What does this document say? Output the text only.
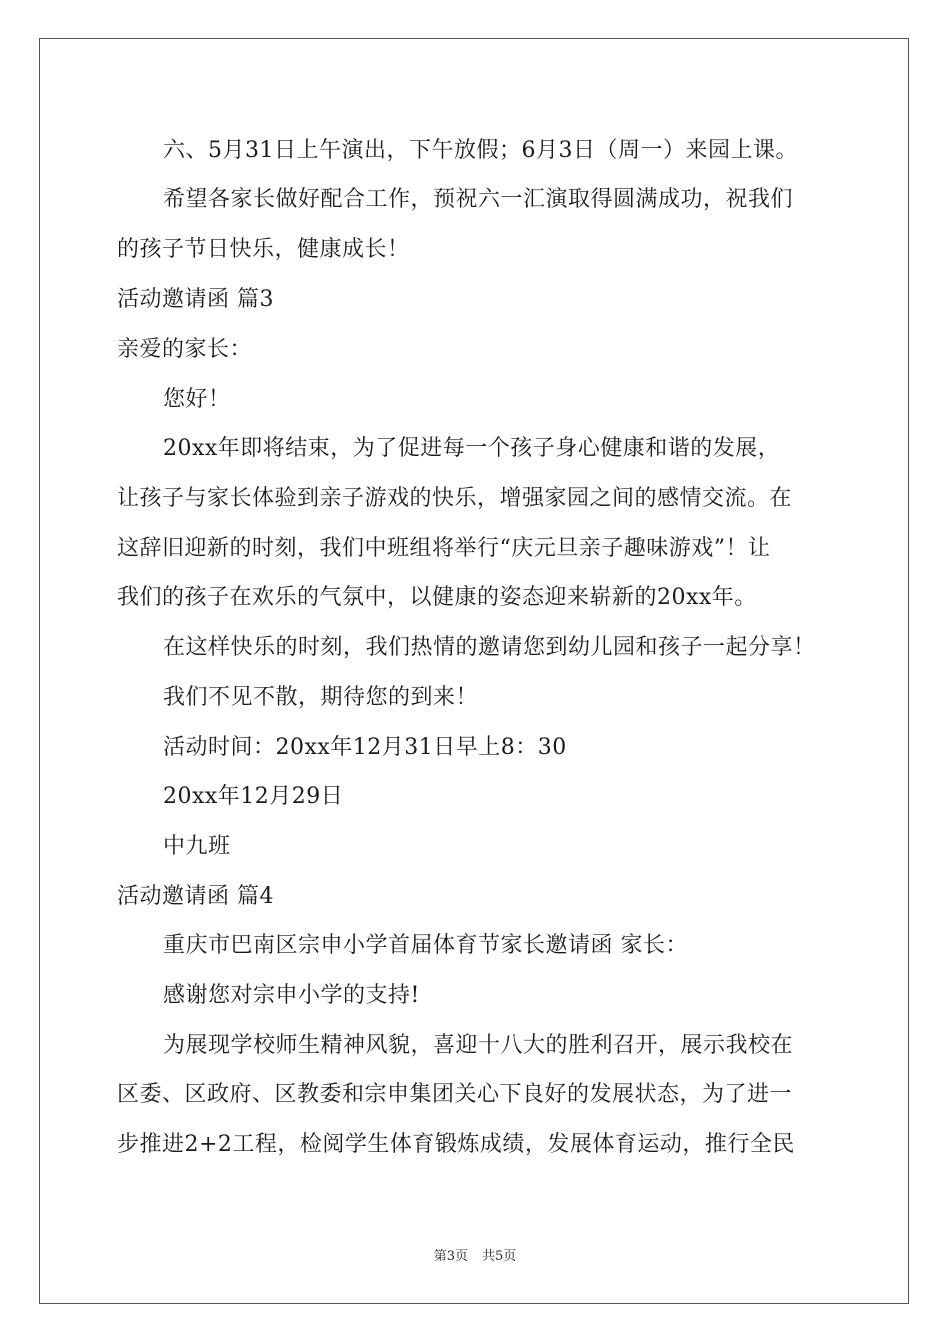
六、5月31日上午演出，下午放假；6月3日（周一）来园上课。
希望各家长做好配合工作，预祝六一汇演取得圆满成功，祝我们
的孩子节日快乐，健康成长！
活动邀请函 篇3
亲爱的家长：
您好！
20xx年即将结束，为了促进每一个孩子身心健康和谐的发展，
让孩子与家长体验到亲子游戏的快乐，增强家园之间的感情交流。在
这辞旧迎新的时刻，我们中班组将举行“庆元旦亲子趣味游戏”！让
我们的孩子在欢乐的气氛中，以健康的姿态迎来崭新的20xx年。
在这样快乐的时刻，我们热情的邀请您到幼儿园和孩子一起分享！
我们不见不散，期待您的到来！
活动时间：20xx年12月31日早上8：30
20xx年12月29日
中九班
活动邀请函 篇4
重庆市巴南区宗申小学首届体育节家长邀请函 家长：
感谢您对宗申小学的支持!
为展现学校师生精神风貌，喜迎十八大的胜利召开，展示我校在
区委、区政府、区教委和宗申集团关心下良好的发展状态，为了进一
步推进2+2工程，检阅学生体育锻炼成绩，发展体育运动，推行全民
第3页 共5页
